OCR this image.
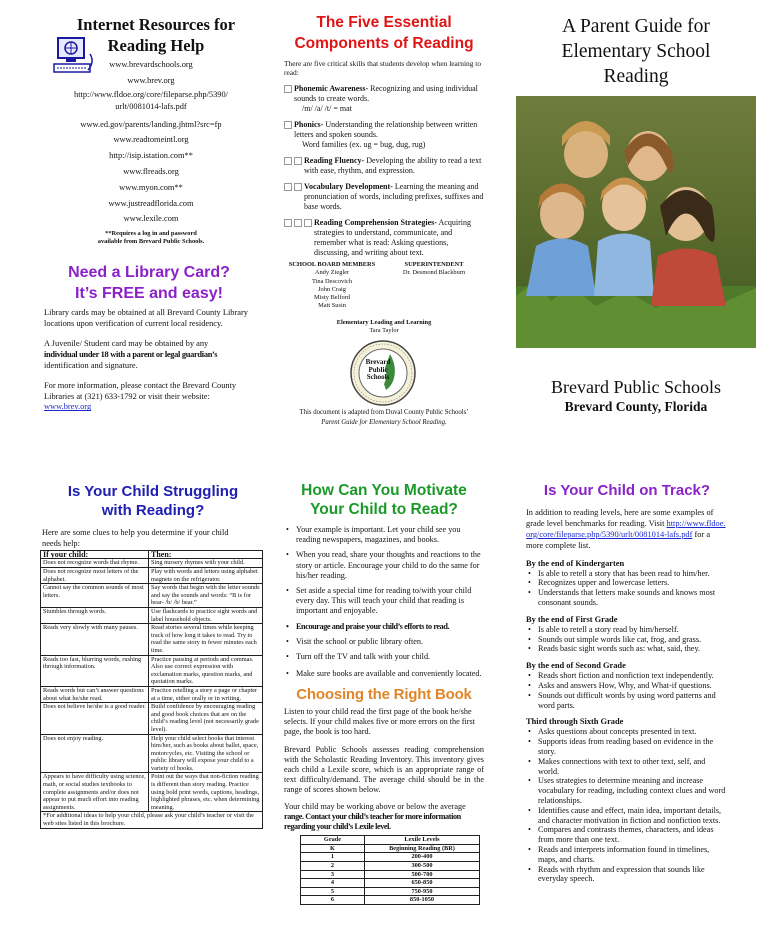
Internet Resources for Reading Help
www.brevardschools.org
www.brev.org
http://www.fldoe.org/core/fileparse.php/5390/
urlt/0081014-lafs.pdf
www.ed.gov/parents/landing.jhtml?src=fp
www.readtomeintl.org
http://isip.istation.com**
www.flreads.org
www.myon.com**
www.justreadflorida.com
www.lexile.com
**Requires a log in and password
available from Brevard Public Schools.
Need a Library Card?
It’s FREE and easy!

Library cards may be obtained at all Brevard County Library locations upon verification of current local residency.

A Juvenile/ Student card may be obtained by any
individual under 18 with a parent or legal guardian’s
identification and signature.

For more information, please contact the Brevard County Libraries at (321) 633-1792 or visit their website: www.brev.org

The Five Essential
Components of Reading

There are five critical skills that students develop when learning to read:

Phonemic Awareness- Recognizing and using individual sounds to create words.
/m/ /a/ /t/ = mat
Phonics- Understanding the relationship between written letters and spoken sounds.
Word families (ex. ug = bug, dug, rug)
Reading Fluency- Developing the ability to read a text with ease, rhythm, and expression.
Vocabulary Development- Learning the meaning and pronunciation of words, including prefixes, suffixes and base words.
Reading Comprehension Strategies- Acquiring strategies to understand, communicate, and remember what is read: Asking questions, discussing, and writing about text.
SCHOOL BOARD MEMBERS
Andy Ziegler
Tina Descovich
John Craig
Misty Belford
Matt Susin
SUPERINTENDENT
Dr. Desmond Blackburn
Elementary Leading and Learning
Tara Taylor
Brevard Public Schools
This document is adapted from Duval County Public Schools’
Parent Guide for Elementary School Reading.
A Parent Guide for
Elementary School
Reading
Brevard Public Schools
Brevard County, Florida
Is Your Child Struggling
with Reading?

Here are some clues to help you determine if your child needs help:

If your child:	Then:
Does not recognize words that rhyme.	Sing nursery rhymes with your child.
Does not recognize most letters of the alphabet.	Play with words and letters using alphabet magnets on the refrigerator.
Cannot say the common sounds of most letters.	Say words that begin with the letter sounds and say the sounds and words: “B is for bear- /b/ /b/ bear.”
Stumbles through words.	Use flashcards to practice sight words and label household objects.
Reads very slowly with many pauses.	Read stories several times while keeping track of how long it takes to read. Try to read the same story in fewer minutes each time.
Reads too fast, blurring words, rushing through information.	Practice pausing at periods and commas. Also use correct expression with exclamation marks, question marks, and quotation marks.
Reads words but can’t answer questions about what he/she read.	Practice retelling a story a page or chapter at a time, either orally or in writing.
Does not believe he/she is a good reader.	Build confidence by encouraging reading and good book choices that are on the child’s reading level (not necessarily grade level).
Does not enjoy reading.	Help your child select books that interest him/her, such as books about ballet, space, motorcycles, etc. Visiting the school or public library will expose your child to a variety of books.
Appears to have difficulty using science, math, or social studies textbooks to complete assignments and/or does not appear to put much effort into reading assignments.	Point out the ways that non-fiction reading is different than story reading. Practice using bold print words, captions, headings, highlighted phrases, etc. when determining meaning.
*For additional ideas to help your child, please ask your child’s teacher or visit the web sites listed in this brochure.	
How Can You Motivate
Your Child to Read?
• Your example is important. Let your child see you reading newspapers, magazines, and books.
• When you read, share your thoughts and reactions to the story or article. Encourage your child to do the same for his/her reading.
• Set aside a special time for reading to/with your child every day. This will teach your child that reading is important and enjoyable.
• Encourage and praise your child’s efforts to read.
• Visit the school or public library often.
• Turn off the TV and talk with your child.
• Make sure books are available and conveniently located.
Choosing the Right Book

Listen to your child read the first page of the book he/she selects. If your child makes five or more errors on the first page, the book is too hard.

Brevard Public Schools assesses reading comprehension with the Scholastic Reading Inventory. This inventory gives each child a Lexile score, which is an appropriate range of text difficulty/demand. The average child should be in the range of scores shown below.

Your child may be working above or below the average
range. Contact your child’s teacher for more information
regarding your child’s Lexile level.

Grade	Lexile Levels
K	Beginning Reading (BR)
1	200-400
2	300-500
3	500-700
4	650-850
5	750-950
6	850-1050
Is Your Child on Track?

In addition to reading levels, here are some examples of grade level benchmarks for reading. Visit http://www.fldoe.org/core/fileparse.php/5390/urlt/0081014-lafs.pdf for a more complete list.

By the end of Kindergarten
• Is able to retell a story that has been read to him/her.
• Recognizes upper and lowercase letters.
• Understands that letters make sounds and knows most consonant sounds.
By the end of First Grade
• Is able to retell a story read by him/herself.
• Sounds out simple words like cat, frog, and grass.
• Reads basic sight words such as: what, said, they.
By the end of Second Grade
• Reads short fiction and nonfiction text independently.
• Asks and answers How, Why, and What-if questions.
• Sounds out difficult words by using word patterns and word parts.
Third through Sixth Grade
• Asks questions about concepts presented in text.
• Supports ideas from reading based on evidence in the story.
• Makes connections with text to other text, self, and world.
• Uses strategies to determine meaning and increase vocabulary for reading, including context clues and word relationships.
• Identifies cause and effect, main idea, important details, and character motivation in fiction and nonfiction texts.
• Compares and contrasts themes, characters, and ideas from more than one text.
• Reads and interprets information found in timelines, maps, and charts.
• Reads with rhythm and expression that sounds like everyday speech.
